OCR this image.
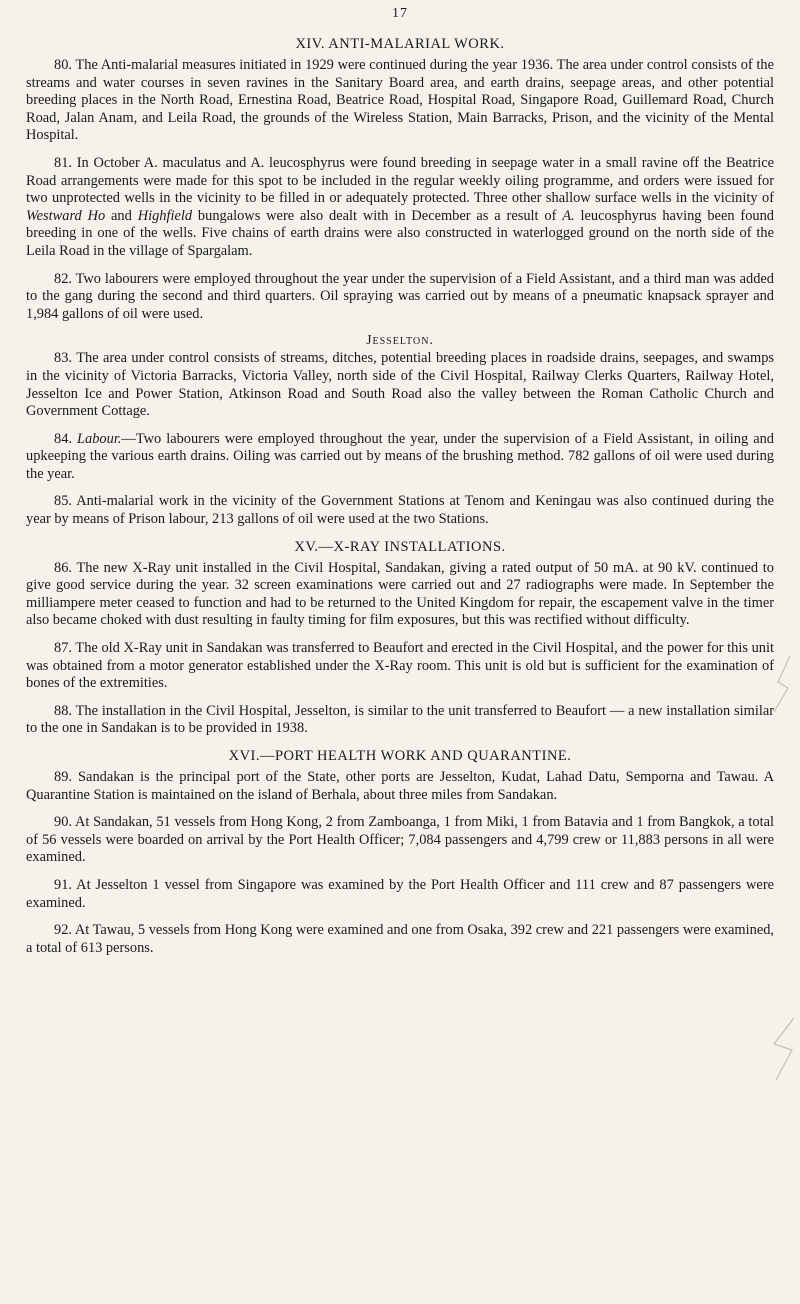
17
XIV. ANTI-MALARIAL WORK.

80. The Anti-malarial measures initiated in 1929 were continued during the year 1936. The area under control consists of the streams and water courses in seven ravines in the Sanitary Board area, and earth drains, seepage areas, and other potential breeding places in the North Road, Ernestina Road, Beatrice Road, Hospital Road, Singapore Road, Guillemard Road, Church Road, Jalan Anam, and Leila Road, the grounds of the Wireless Station, Main Barracks, Prison, and the vicinity of the Mental Hospital.

81. In October A. maculatus and A. leucosphyrus were found breeding in seepage water in a small ravine off the Beatrice Road arrangements were made for this spot to be included in the regular weekly oiling programme, and orders were issued for two unprotected wells in the vicinity to be filled in or adequately protected. Three other shallow surface wells in the vicinity of Westward Ho and Highfield bungalows were also dealt with in December as a result of A. leucosphyrus having been found breeding in one of the wells. Five chains of earth drains were also constructed in waterlogged ground on the north side of the Leila Road in the village of Spargalam.

82. Two labourers were employed throughout the year under the supervision of a Field Assistant, and a third man was added to the gang during the second and third quarters. Oil spraying was carried out by means of a pneumatic knapsack sprayer and 1,984 gallons of oil were used.

Jesselton.

83. The area under control consists of streams, ditches, potential breeding places in roadside drains, seepages, and swamps in the vicinity of Victoria Barracks, Victoria Valley, north side of the Civil Hospital, Railway Clerks Quarters, Railway Hotel, Jesselton Ice and Power Station, Atkinson Road and South Road also the valley between the Roman Catholic Church and Government Cottage.

84. Labour.—Two labourers were employed throughout the year, under the supervision of a Field Assistant, in oiling and upkeeping the various earth drains. Oiling was carried out by means of the brushing method. 782 gallons of oil were used during the year.

85. Anti-malarial work in the vicinity of the Government Stations at Tenom and Keningau was also continued during the year by means of Prison labour, 213 gallons of oil were used at the two Stations.

XV.—X-RAY INSTALLATIONS.

86. The new X-Ray unit installed in the Civil Hospital, Sandakan, giving a rated output of 50 mA. at 90 kV. continued to give good service during the year. 32 screen examinations were carried out and 27 radiographs were made. In September the milliampere meter ceased to function and had to be returned to the United Kingdom for repair, the escapement valve in the timer also became choked with dust resulting in faulty timing for film exposures, but this was rectified without difficulty.

87. The old X-Ray unit in Sandakan was transferred to Beaufort and erected in the Civil Hospital, and the power for this unit was obtained from a motor generator established under the X-Ray room. This unit is old but is sufficient for the examination of bones of the extremities.

88. The installation in the Civil Hospital, Jesselton, is similar to the unit transferred to Beaufort — a new installation similar to the one in Sandakan is to be provided in 1938.

XVI.—PORT HEALTH WORK AND QUARANTINE.

89. Sandakan is the principal port of the State, other ports are Jesselton, Kudat, Lahad Datu, Semporna and Tawau. A Quarantine Station is maintained on the island of Berhala, about three miles from Sandakan.

90. At Sandakan, 51 vessels from Hong Kong, 2 from Zamboanga, 1 from Miki, 1 from Batavia and 1 from Bangkok, a total of 56 vessels were boarded on arrival by the Port Health Officer; 7,084 passengers and 4,799 crew or 11,883 persons in all were examined.

91. At Jesselton 1 vessel from Singapore was examined by the Port Health Officer and 111 crew and 87 passengers were examined.

92. At Tawau, 5 vessels from Hong Kong were examined and one from Osaka, 392 crew and 221 passengers were examined, a total of 613 persons.
